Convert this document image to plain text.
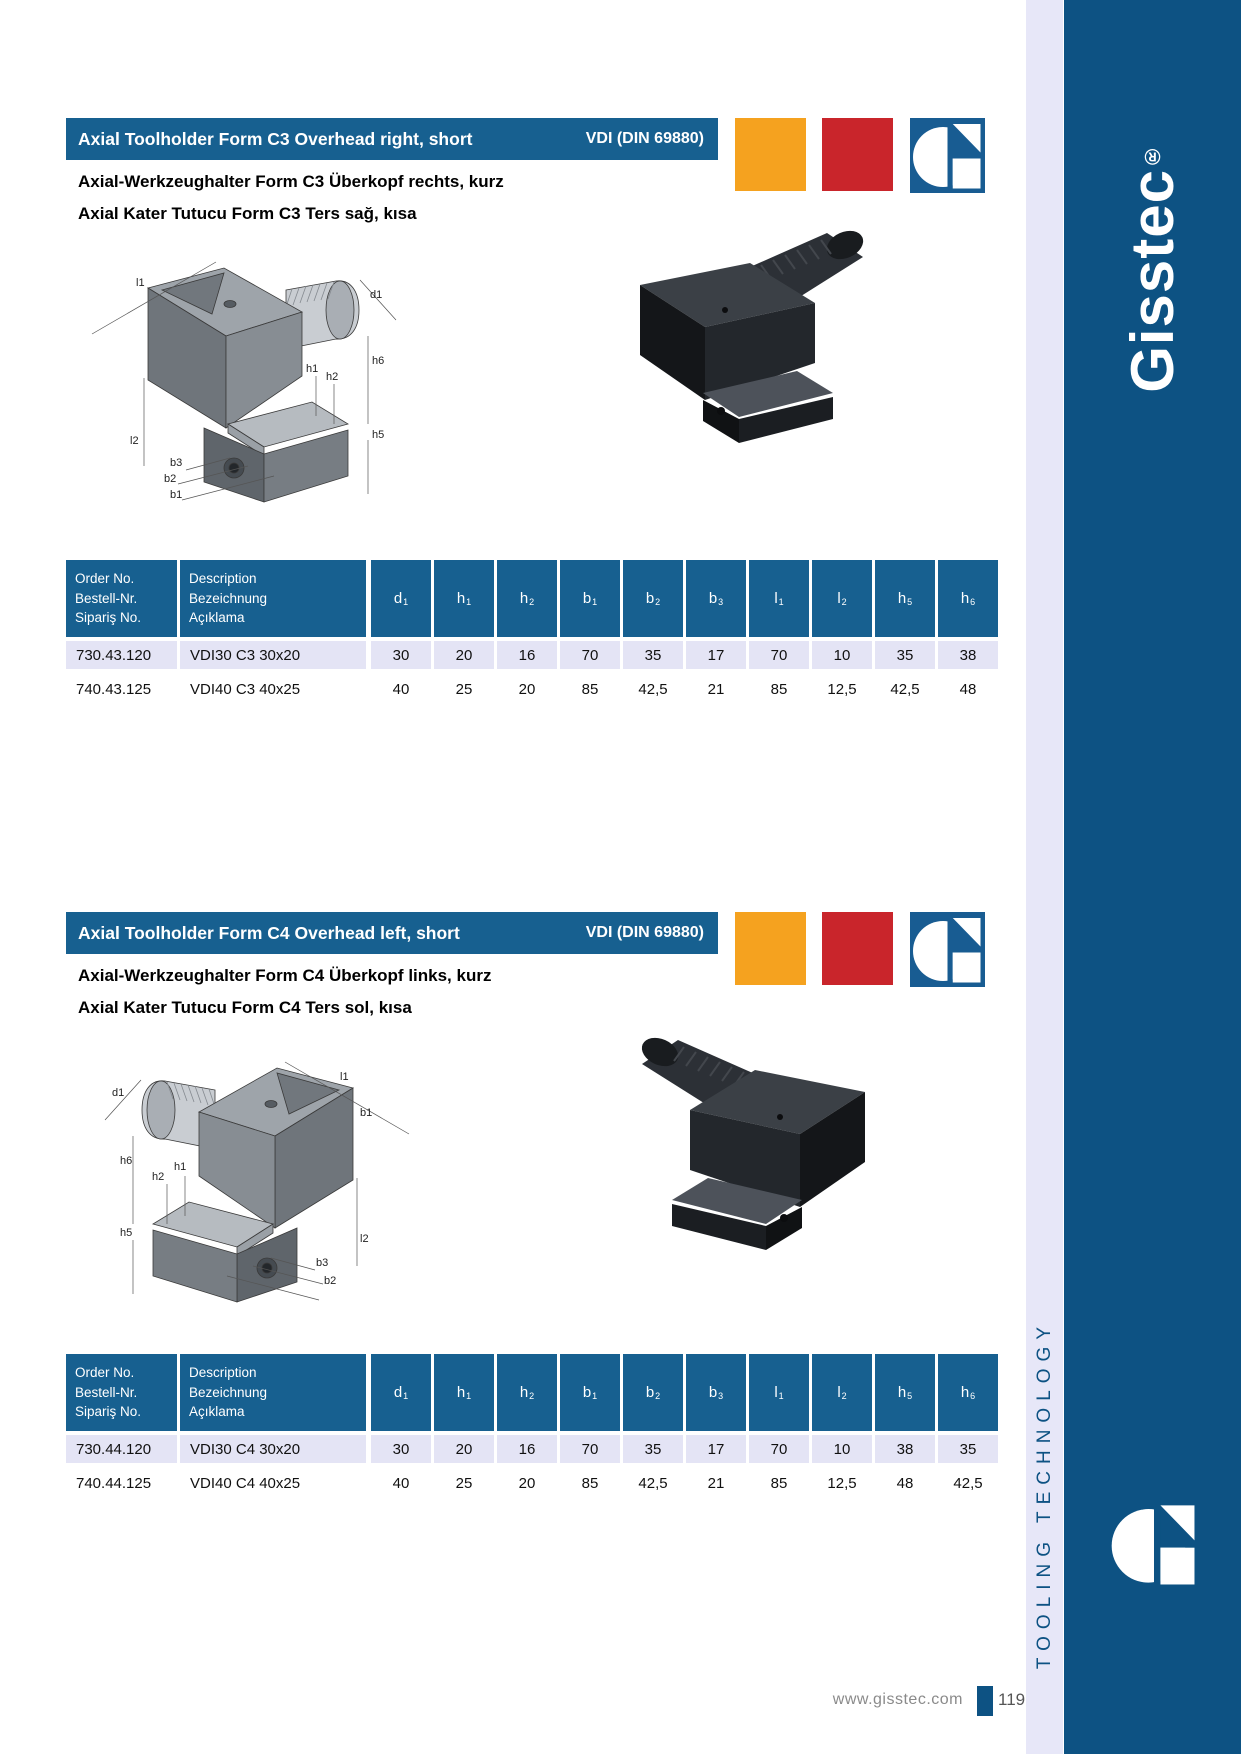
Gisstec®
TOOLING TECHNOLOGY
Axial Toolholder Form C3 Overhead right, short	VDI (DIN 69880)
Axial-Werkzeughalter Form C3 Überkopf rechts, kurz
Axial Kater Tutucu Form C3 Ters sağ, kısa
l1
d1
h1
h2
h6
h5
l2
b3
b2
b1
Order No.
Bestell-Nr.
Sipariş No.
Description
Bezeichnung
Açıklama
$d_1$	$h_1$	$h_2$	$b_1$	$b_2$	$b_3$	$l_1$	$l_2$	$h_5$	$h_6$
730.43.120	VDI30 C3 30x20	30	20	16	70	35	17	70	10	35	38
740.43.125	VDI40 C3 40x25	40	25	20	85	42,5	21	85	12,5	42,5	48
Axial Toolholder Form C4 Overhead left, short	VDI (DIN 69880)
Axial-Werkzeughalter Form C4 Überkopf links, kurz
Axial Kater Tutucu Form C4 Ters sol, kısa
d1
l1
b1
h6
h2
h1
h5	l2
b3
b2
Order No.
Bestell-Nr.
Sipariş No.
Description
Bezeichnung
Açıklama
$d_1$	$h_1$	$h_2$	$b_1$	$b_2$	$b_3$	$l_1$	$l_2$	$h_5$	$h_6$
730.44.120	VDI30 C4 30x20	30	20	16	70	35	17	70	10	38	35
740.44.125	VDI40 C4 40x25	40	25	20	85	42,5	21	85	12,5	48	42,5
www.gisstec.com 119
